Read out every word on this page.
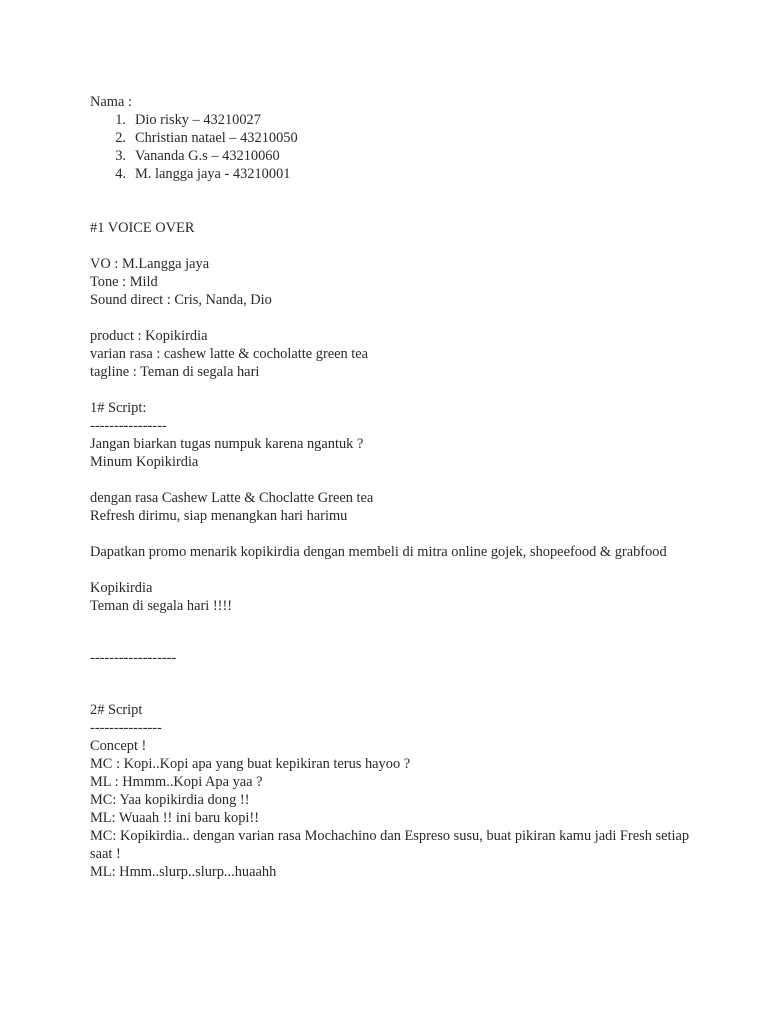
Nama :
1. Dio risky – 43210027
2. Christian natael – 43210050
3. Vananda G.s – 43210060
4. M. langga jaya - 43210001
#1 VOICE OVER
VO : M.Langga jaya
Tone : Mild
Sound direct : Cris, Nanda, Dio
product : Kopikirdia
varian rasa : cashew latte & cocholatte green tea
tagline : Teman di segala hari
1# Script:
----------------
Jangan biarkan tugas numpuk karena ngantuk ?
Minum Kopikirdia
dengan rasa Cashew Latte & Choclatte Green tea
Refresh dirimu, siap menangkan hari harimu
Dapatkan promo menarik kopikirdia dengan membeli di mitra online gojek, shopeefood & grabfood
Kopikirdia
Teman di segala hari !!!!
------------------
2# Script
---------------
Concept !
MC : Kopi..Kopi apa yang buat kepikiran terus hayoo ?
ML : Hmmm..Kopi Apa yaa ?
MC: Yaa kopikirdia dong !!
ML: Wuaah !! ini baru kopi!!
MC: Kopikirdia.. dengan varian rasa Mochachino dan Espreso susu, buat pikiran kamu jadi Fresh setiap saat !
ML: Hmm..slurp..slurp...huaahh
